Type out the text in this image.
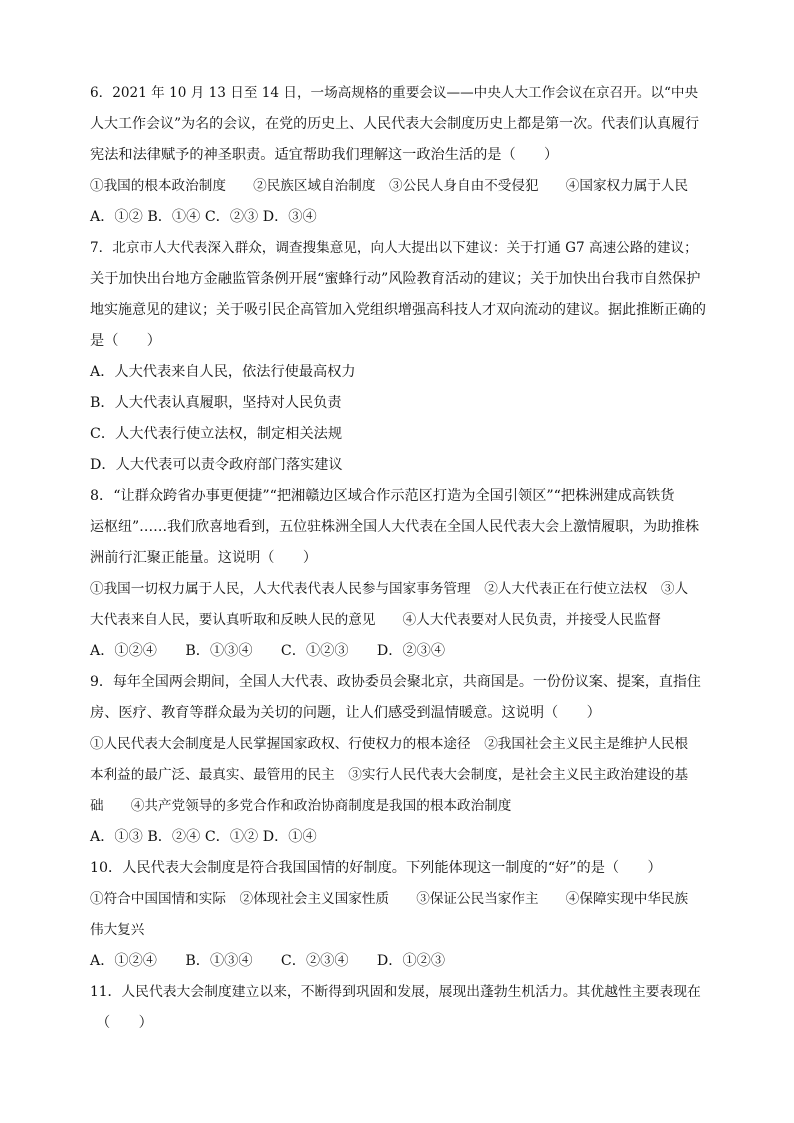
6．2021 年 10 月 13 日至 14 日，一场高规格的重要会议——中央人大工作会议在京召开。以“中央
人大工作会议”为名的会议，在党的历史上、人民代表大会制度历史上都是第一次。代表们认真履行
宪法和法律赋予的神圣职责。适宜帮助我们理解这一政治生活的是（　　）
①我国的根本政治制度　　②民族区域自治制度　③公民人身自由不受侵犯　　④国家权力属于人民
A．①② B．①④ C．②③ D．③④
7．北京市人大代表深入群众，调查搜集意见，向人大提出以下建议：关于打通 G7 高速公路的建议；
关于加快出台地方金融监管条例开展“蜜蜂行动”风险教育活动的建议；关于加快出台我市自然保护
地实施意见的建议；关于吸引民企高管加入党组织增强高科技人才双向流动的建议。据此推断正确的
是（　　）
A．人大代表来自人民，依法行使最高权力
B．人大代表认真履职，坚持对人民负责
C．人大代表行使立法权，制定相关法规
D．人大代表可以责令政府部门落实建议
8．“让群众跨省办事更便捷”“把湘赣边区域合作示范区打造为全国引领区”“把株洲建成高铁货
运枢纽”……我们欣喜地看到，五位驻株洲全国人大代表在全国人民代表大会上激情履职，为助推株
洲前行汇聚正能量。这说明（　　）
①我国一切权力属于人民，人大代表代表人民参与国家事务管理　②人大代表正在行使立法权　③人
大代表来自人民，要认真听取和反映人民的意见　　④人大代表要对人民负责，并接受人民监督
A．①②④　　B．①③④　　C．①②③　　D．②③④
9．每年全国两会期间，全国人大代表、政协委员会聚北京，共商国是。一份份议案、提案，直指住
房、医疗、教育等群众最为关切的问题，让人们感受到温情暖意。这说明（　　）
①人民代表大会制度是人民掌握国家政权、行使权力的根本途径　②我国社会主义民主是维护人民根
本利益的最广泛、最真实、最管用的民主　③实行人民代表大会制度，是社会主义民主政治建设的基
础　　④共产党领导的多党合作和政治协商制度是我国的根本政治制度
A．①③ B．②④ C．①② D．①④
10．人民代表大会制度是符合我国国情的好制度。下列能体现这一制度的“好”的是（　　）
①符合中国国情和实际　②体现社会主义国家性质　　③保证公民当家作主　　④保障实现中华民族
伟大复兴
A．①②④　　B．①③④　　C．②③④　　D．①②③
11．人民代表大会制度建立以来，不断得到巩固和发展，展现出蓬勃生机活力。其优越性主要表现在
（　　）
